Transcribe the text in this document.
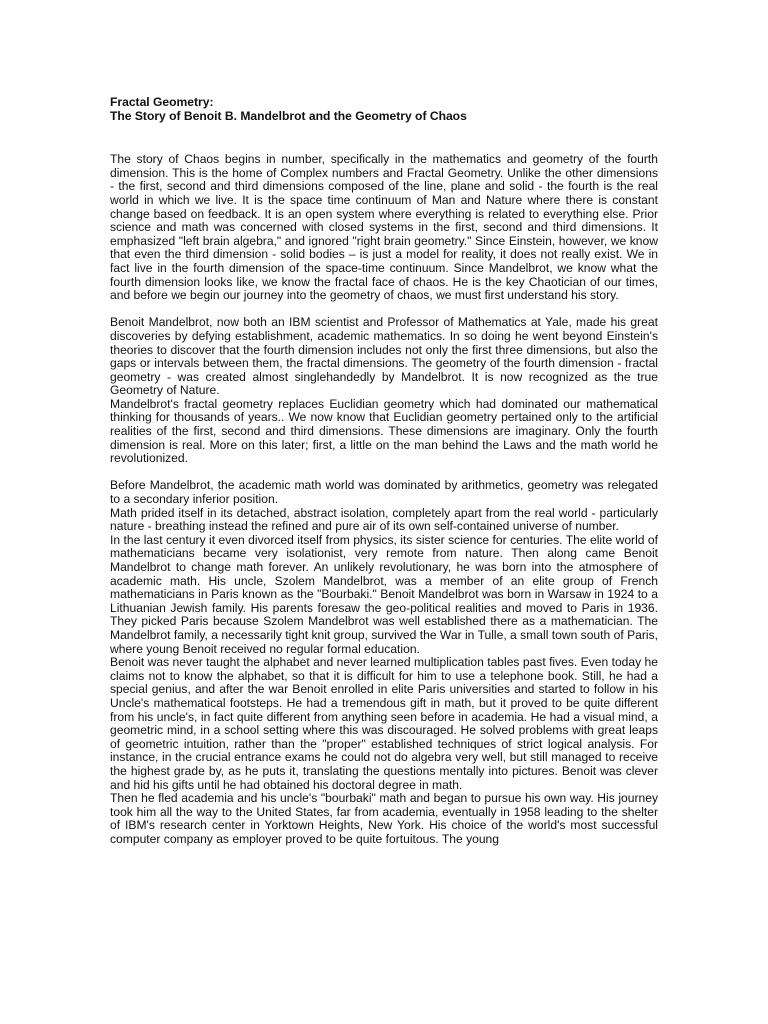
Fractal Geometry:
The Story of Benoit B. Mandelbrot and the Geometry of Chaos

The story of Chaos begins in number, specifically in the mathematics and geometry of the fourth dimension. This is the home of Complex numbers and Fractal Geometry. Unlike the other dimensions - the first, second and third dimensions composed of the line, plane and solid - the fourth is the real world in which we live. It is the space time continuum of Man and Nature where there is constant change based on feedback. It is an open system where everything is related to everything else. Prior science and math was concerned with closed systems in the first, second and third dimensions. It emphasized "left brain algebra," and ignored "right brain geometry." Since Einstein, however, we know that even the third dimension - solid bodies – is just a model for reality, it does not really exist. We in fact live in the fourth dimension of the space-time continuum. Since Mandelbrot, we know what the fourth dimension looks like, we know the fractal face of chaos. He is the key Chaotician of our times, and before we begin our journey into the geometry of chaos, we must first understand his story.

Benoit Mandelbrot, now both an IBM scientist and Professor of Mathematics at Yale, made his great discoveries by defying establishment, academic mathematics. In so doing he went beyond Einstein's theories to discover that the fourth dimension includes not only the first three dimensions, but also the gaps or intervals between them, the fractal dimensions. The geometry of the fourth dimension - fractal geometry - was created almost singlehandedly by Mandelbrot. It is now recognized as the true Geometry of Nature.

Mandelbrot's fractal geometry replaces Euclidian geometry which had dominated our mathematical thinking for thousands of years.. We now know that Euclidian geometry pertained only to the artificial realities of the first, second and third dimensions. These dimensions are imaginary. Only the fourth dimension is real. More on this later; first, a little on the man behind the Laws and the math world he revolutionized.

Before Mandelbrot, the academic math world was dominated by arithmetics, geometry was relegated to a secondary inferior position.

Math prided itself in its detached, abstract isolation, completely apart from the real world - particularly nature - breathing instead the refined and pure air of its own self-contained universe of number.

In the last century it even divorced itself from physics, its sister science for centuries. The elite world of mathematicians became very isolationist, very remote from nature. Then along came Benoit Mandelbrot to change math forever. An unlikely revolutionary, he was born into the atmosphere of academic math. His uncle, Szolem Mandelbrot, was a member of an elite group of French mathematicians in Paris known as the "Bourbaki." Benoit Mandelbrot was born in Warsaw in 1924 to a Lithuanian Jewish family. His parents foresaw the geo-political realities and moved to Paris in 1936. They picked Paris because Szolem Mandelbrot was well established there as a mathematician. The Mandelbrot family, a necessarily tight knit group, survived the War in Tulle, a small town south of Paris, where young Benoit received no regular formal education.

Benoit was never taught the alphabet and never learned multiplication tables past fives. Even today he claims not to know the alphabet, so that it is difficult for him to use a telephone book. Still, he had a special genius, and after the war Benoit enrolled in elite Paris universities and started to follow in his Uncle's mathematical footsteps. He had a tremendous gift in math, but it proved to be quite different from his uncle's, in fact quite different from anything seen before in academia. He had a visual mind, a geometric mind, in a school setting where this was discouraged. He solved problems with great leaps of geometric intuition, rather than the "proper" established techniques of strict logical analysis. For instance, in the crucial entrance exams he could not do algebra very well, but still managed to receive the highest grade by, as he puts it, translating the questions mentally into pictures. Benoit was clever and hid his gifts until he had obtained his doctoral degree in math.

Then he fled academia and his uncle's "bourbaki" math and began to pursue his own way. His journey took him all the way to the United States, far from academia, eventually in 1958 leading to the shelter of IBM's research center in Yorktown Heights, New York. His choice of the world's most successful computer company as employer proved to be quite fortuitous. The young
